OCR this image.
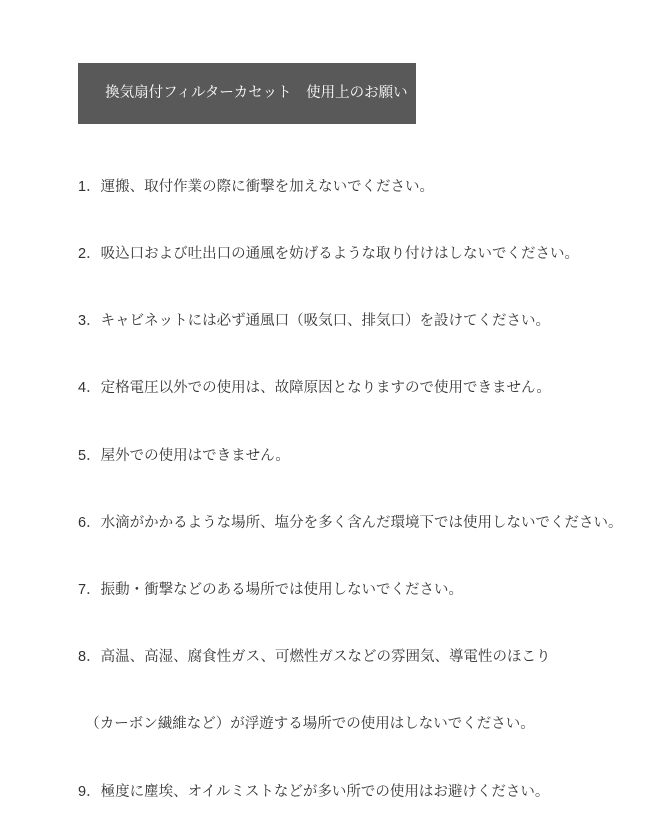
換気扇付フィルターカセット　使用上のお願い

1．運搬、取付作業の際に衝撃を加えないでください。

2．吸込口および吐出口の通風を妨げるような取り付けはしないでください。

3．キャビネットには必ず通風口（吸気口、排気口）を設けてください。

4．定格電圧以外での使用は、故障原因となりますので使用できません。

5．屋外での使用はできません。

6．水滴がかかるような場所、塩分を多く含んだ環境下では使用しないでください。

7．振動・衝撃などのある場所では使用しないでください。

8．高温、高湿、腐食性ガス、可燃性ガスなどの雰囲気、導電性のほこり

　（カーボン繊維など）が浮遊する場所での使用はしないでください。

9．極度に塵埃、オイルミストなどが多い所での使用はお避けください。
